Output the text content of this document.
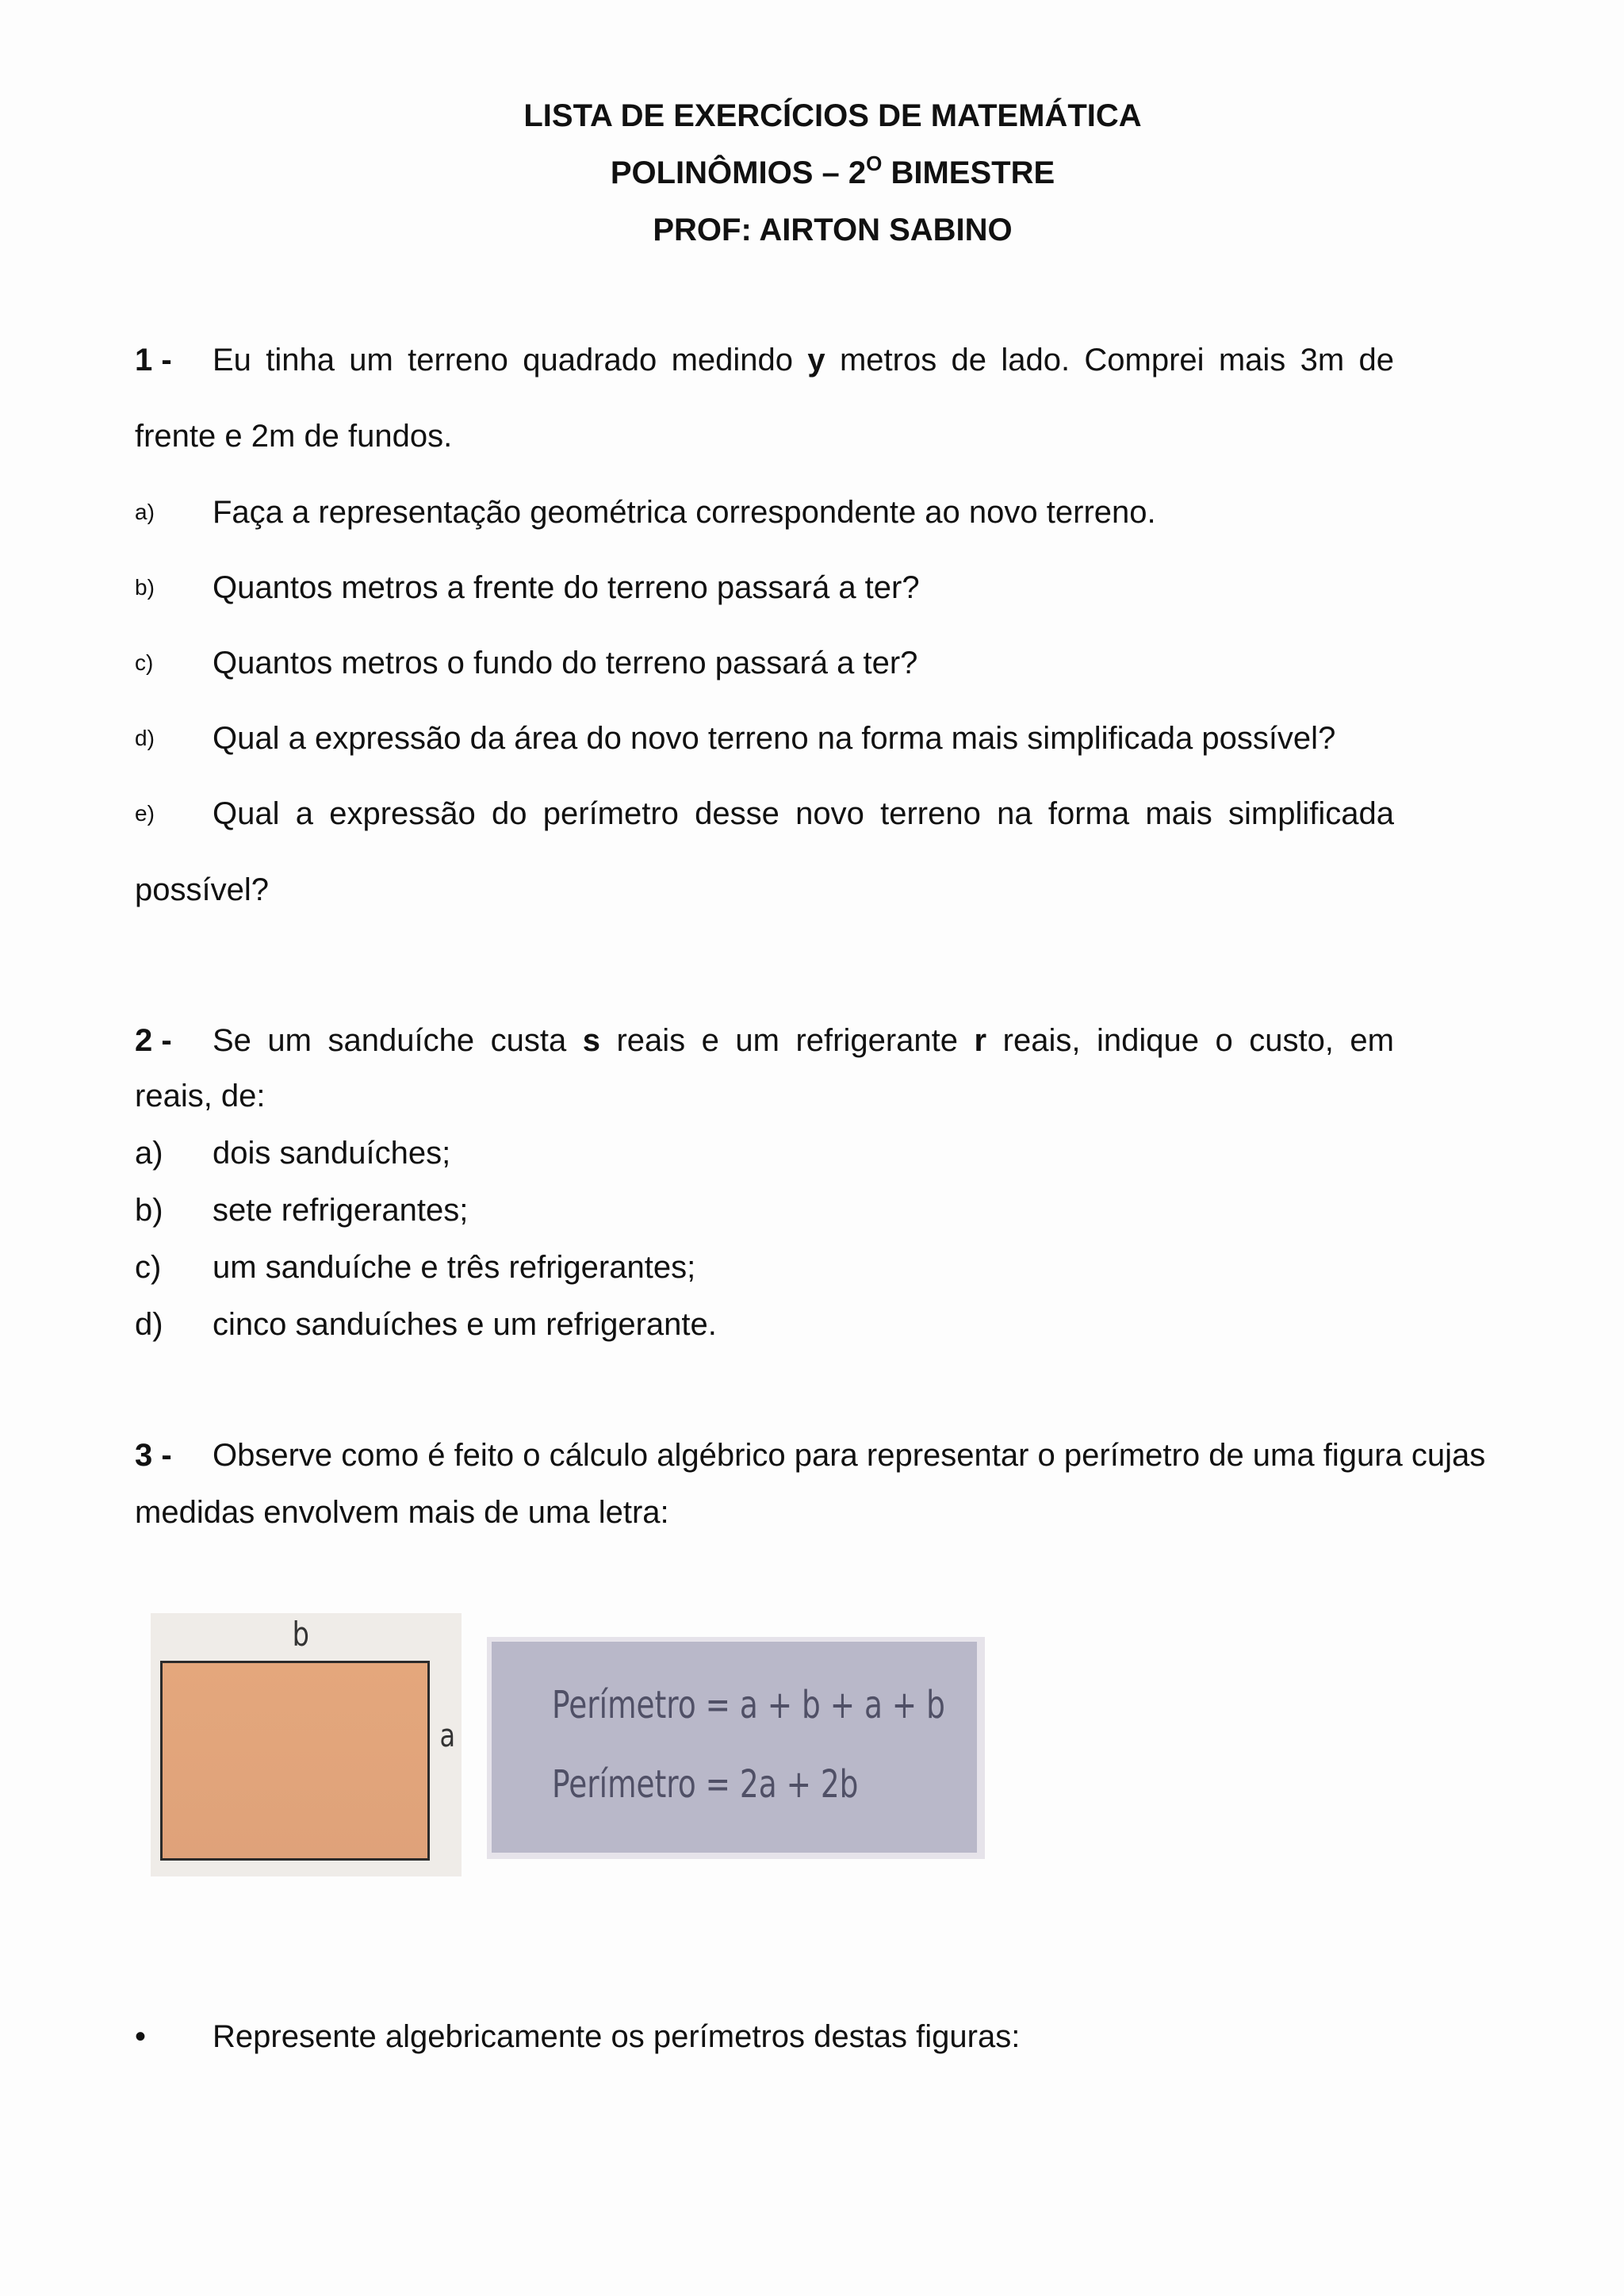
LISTA DE EXERCÍCIOS DE MATEMÁTICA
POLINÔMIOS – $2^O$ BIMESTRE
PROF: AIRTON SABINO
1 - Eu tinha um terreno quadrado medindo y metros de lado. Comprei mais 3m de
frente e 2m de fundos.
a) Faça a representação geométrica correspondente ao novo terreno.
b) Quantos metros a frente do terreno passará a ter?
c) Quantos metros o fundo do terreno passará a ter?
d) Qual a expressão da área do novo terreno na forma mais simplificada possível?
e) Qual a expressão do perímetro desse novo terreno na forma mais simplificada
possível?
2 - Se um sanduíche custa s reais e um refrigerante r reais, indique o custo, em
reais, de:
a) dois sanduíches;
b) sete refrigerantes;
c) um sanduíche e três refrigerantes;
d) cinco sanduíches e um refrigerante.
3 - Observe como é feito o cálculo algébrico para representar o perímetro de uma figura cujas
medidas envolvem mais de uma letra:
b
a
Perímetro = a + b + a + b
Perímetro = 2a + 2b
• Represente algebricamente os perímetros destas figuras:
